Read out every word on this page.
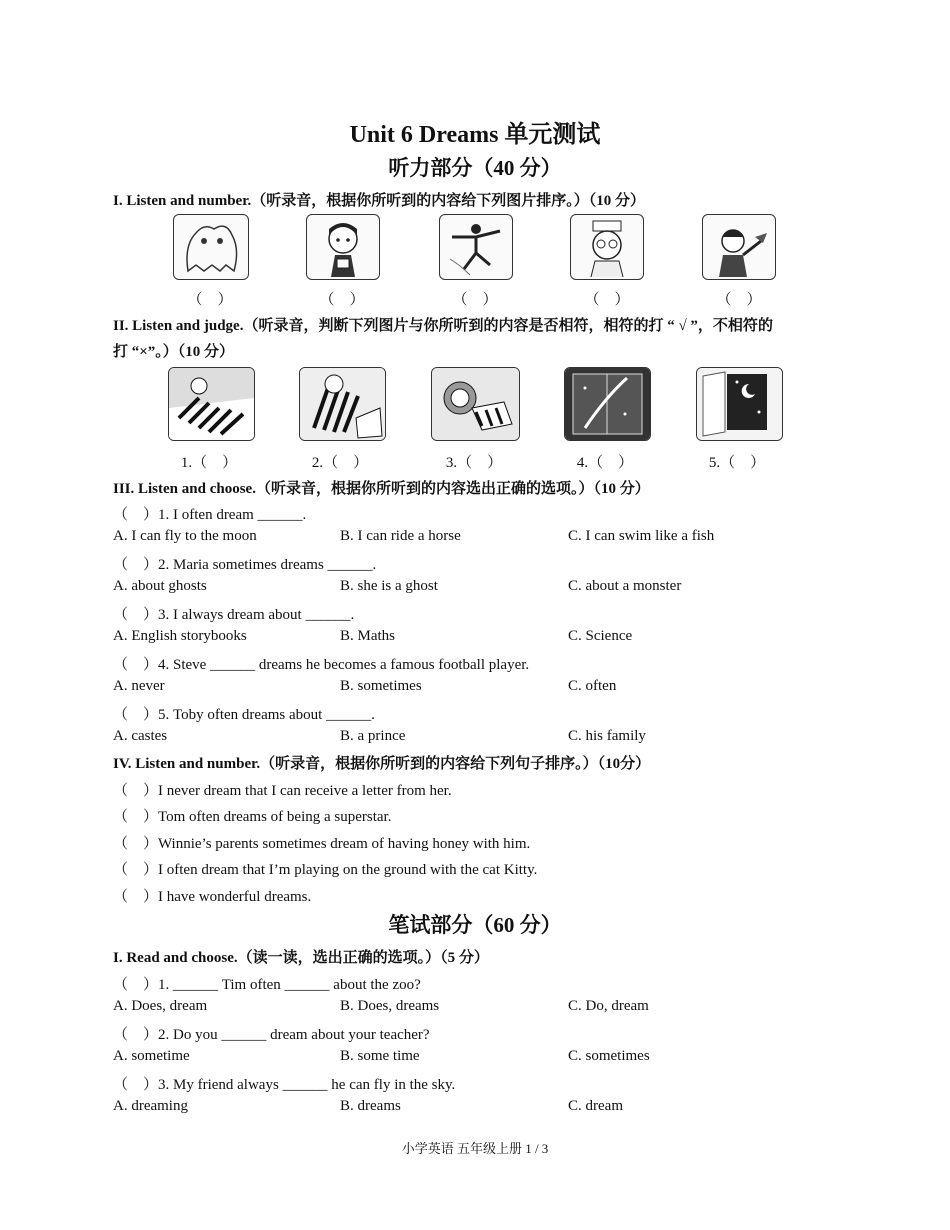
Unit 6 Dreams 单元测试
听力部分（40 分）
I. Listen and number.（听录音，根据你所听到的内容给下列图片排序。）（10 分）
（　）	（　）	（　）	（　）	（　）
II. Listen and judge.（听录音，判断下列图片与你所听到的内容是否相符，相符的打 “ √ ”，不相符的
打 “×”。）（10 分）
1.（　）	2.（　）	3.（　）	4.（　）	5.（　）
III. Listen and choose.（听录音，根据你所听到的内容选出正确的选项。）（10 分）
（　）1. I often dream ______.
A. I can fly to the moon	B. I can ride a horse	C. I can swim like a fish
（　）2. Maria sometimes dreams ______.
A. about ghosts	B. she is a ghost	C. about a monster
（　）3. I always dream about ______.
A. English storybooks	B. Maths	C. Science
（　）4. Steve ______ dreams he becomes a famous football player.
A. never	B. sometimes	C. often
（　）5. Toby often dreams about ______.
A. castes	B. a prince	C. his family
IV. Listen and number.（听录音，根据你所听到的内容给下列句子排序。）（10分）
（　）I never dream that I can receive a letter from her.
（　）Tom often dreams of being a superstar.
（　）Winnie’s parents sometimes dream of having honey with him.
（　）I often dream that I’m playing on the ground with the cat Kitty.
（　）I have wonderful dreams.
笔试部分（60 分）
I. Read and choose.（读一读，选出正确的选项。）（5 分）
（　）1. ______ Tim often ______ about the zoo?
A. Does, dream	B. Does, dreams	C. Do, dream
（　）2. Do you ______ dream about your teacher?
A. sometime	B. some time	C. sometimes
（　）3. My friend always ______ he can fly in the sky.
A. dreaming	B. dreams	C. dream
小学英语 五年级上册 1 / 3
